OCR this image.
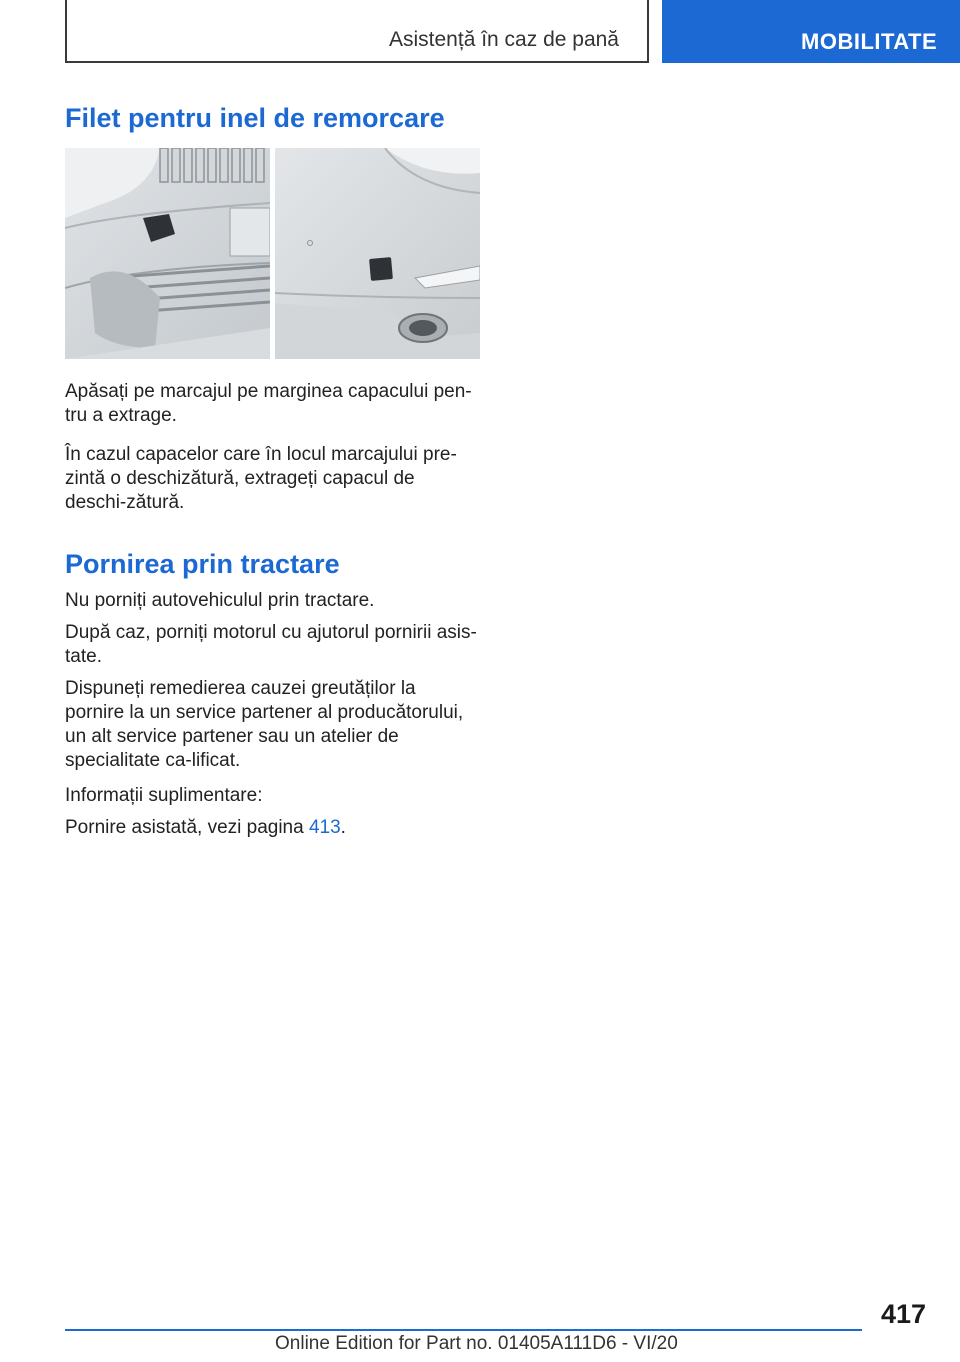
Asistență în caz de pană	MOBILITATE
Filet pentru inel de remorcare

Apăsați pe marcajul pe marginea capacului pen‐tru a extrage.

În cazul capacelor care în locul marcajului pre‐zintă o deschizătură, extrageți capacul de deschi‐zătură.

Pornirea prin tractare

Nu porniți autovehiculul prin tractare.

După caz, porniți motorul cu ajutorul pornirii asis‐tate.

Dispuneți remedierea cauzei greutăților la pornire la un service partener al producătorului, un alt service partener sau un atelier de specialitate ca‐lificat.

Informații suplimentare:

Pornire asistată, vezi pagina 413.

417
Online Edition for Part no. 01405A111D6 - VI/20
